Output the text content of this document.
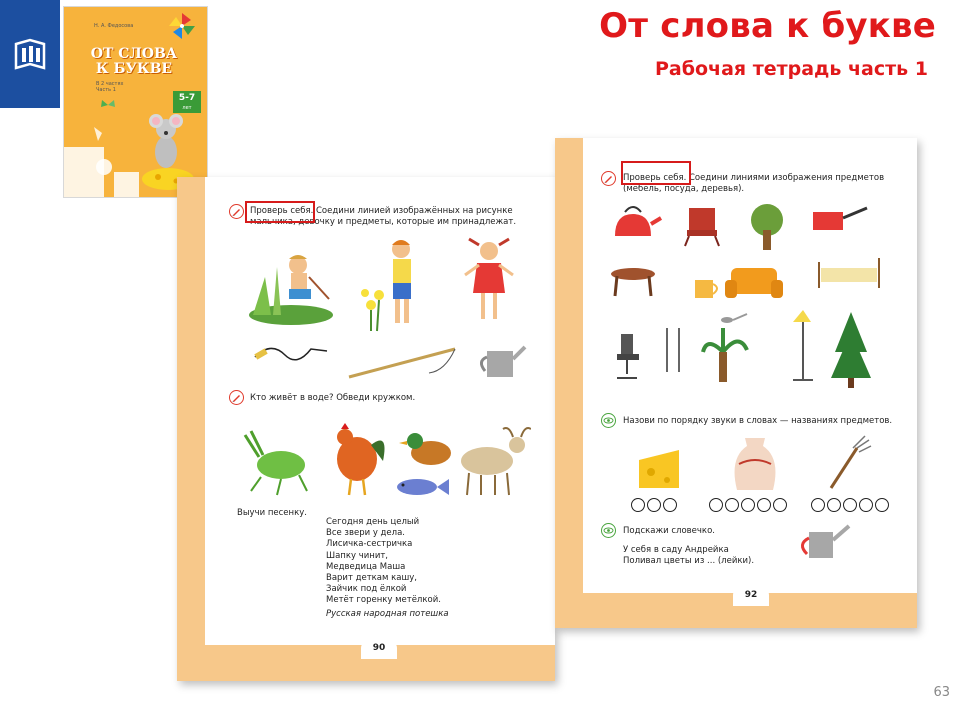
Н. А. Федосова
ОТ СЛОВА К БУКВЕ
В 2 частях
Часть 1
5-7
лет
От слова к букве
Рабочая тетрадь часть 1
Проверь себя. Соедини линией изображённых на рисунке мальчика, девочку и предметы, которые им принадлежат.
Кто живёт в воде? Обведи кружком.
Выучи песенку.
Сегодня день целый
Все звери у дела.
Лисичка-сестричка
Шапку чинит,
Медведица Маша
Варит деткам кашу,
Зайчик под ёлкой
Метёт горенку метёлкой.
Русская народная потешка
90
Проверь себя. Соедини линиями изображения предметов (мебель, посуда, деревья).
Назови по порядку звуки в словах — названиях предметов.
Подскажи словечко.
У себя в саду Андрейка
Поливал цветы из ... (лейки).
92
63
